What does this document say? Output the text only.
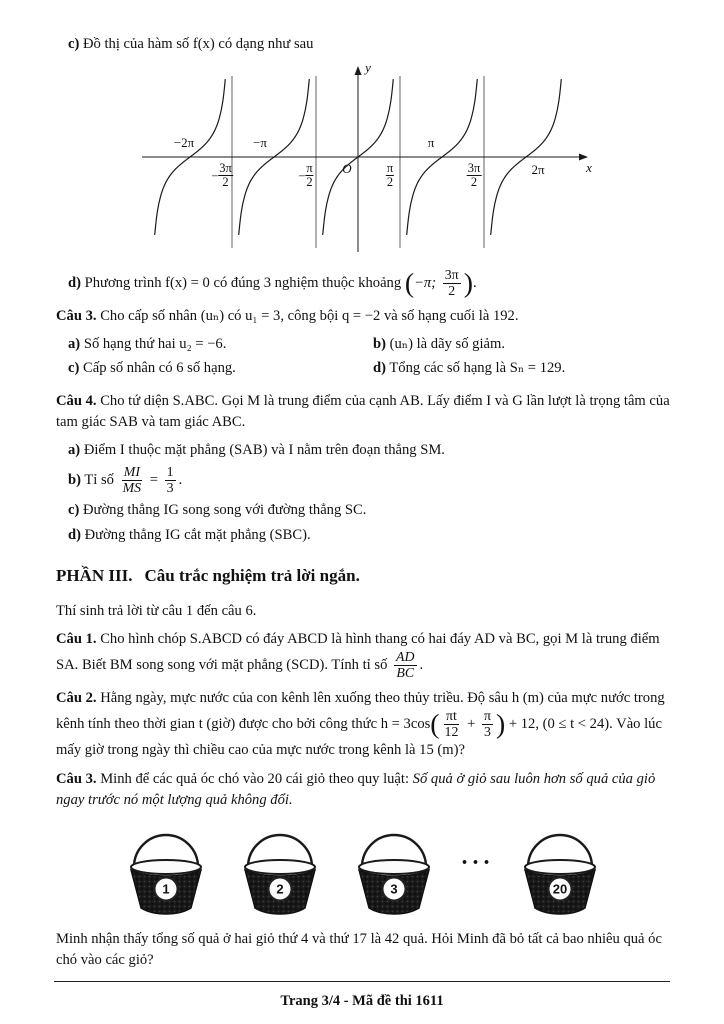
c) Đồ thị của hàm số f(x) có dạng như sau
y
x
O
−2π	−π	π
2π
− $\frac{3\pi}{2}$	− $\frac{\pi}{2}$	π
2
3π
2
d) Phương trình f(x) = 0 có đúng 3 nghiệm thuộc khoảng (−π; $\frac{3\pi}{2}$ ).
Câu 3. Cho cấp số nhân (uₙ) có u₁ = 3, công bội q = −2 và số hạng cuối là 192.
a) Số hạng thứ hai u₂ = −6.	b) (uₙ) là dãy số giảm.
c) Cấp số nhân có 6 số hạng.	d) Tổng các số hạng là Sₙ = 129.
Câu 4. Cho tứ diện S.ABC. Gọi M là trung điểm của cạnh AB. Lấy điểm I và G lần lượt là trọng tâm của tam giác SAB và tam giác ABC.
a) Điểm I thuộc mặt phẳng (SAB) và I nằm trên đoạn thẳng SM.
b) Tỉ số $\frac{MI}{MS} = \frac{1}{3}$ .
c) Đường thẳng IG song song với đường thẳng SC.
d) Đường thẳng IG cắt mặt phẳng (SBC).
PHẦN III. Câu trắc nghiệm trả lời ngắn.
Thí sinh trả lời từ câu 1 đến câu 6.
Câu 1. Cho hình chóp S.ABCD có đáy ABCD là hình thang có hai đáy AD và BC, gọi M là trung điểm SA. Biết BM song song với mặt phẳng (SCD). Tính tỉ số $\frac{AD}{BC}$ .
Câu 2. Hằng ngày, mực nước của con kênh lên xuống theo thủy triều. Độ sâu h (m) của mực nước trong kênh tính theo thời gian t (giờ) được cho bởi công thức $h = 3\cos( \frac{\pi t}{12} + \frac{\pi}{3}$ ) + 12, (0 ≤ t < 24). Vào lúc mấy giờ trong ngày thì chiều cao của mực nước trong kênh là 15 (m)?
Câu 3. Minh để các quả óc chó vào 20 cái giỏ theo quy luật: Số quả ở giỏ sau luôn hơn số quả của giỏ ngay trước nó một lượng quả không đổi.
1	2	3
···
20
Minh nhận thấy tổng số quả ở hai giỏ thứ 4 và thứ 17 là 42 quả. Hỏi Minh đã bỏ tất cả bao nhiêu quả óc chó vào các giỏ?
Trang 3/4 - Mã đề thi 1611
